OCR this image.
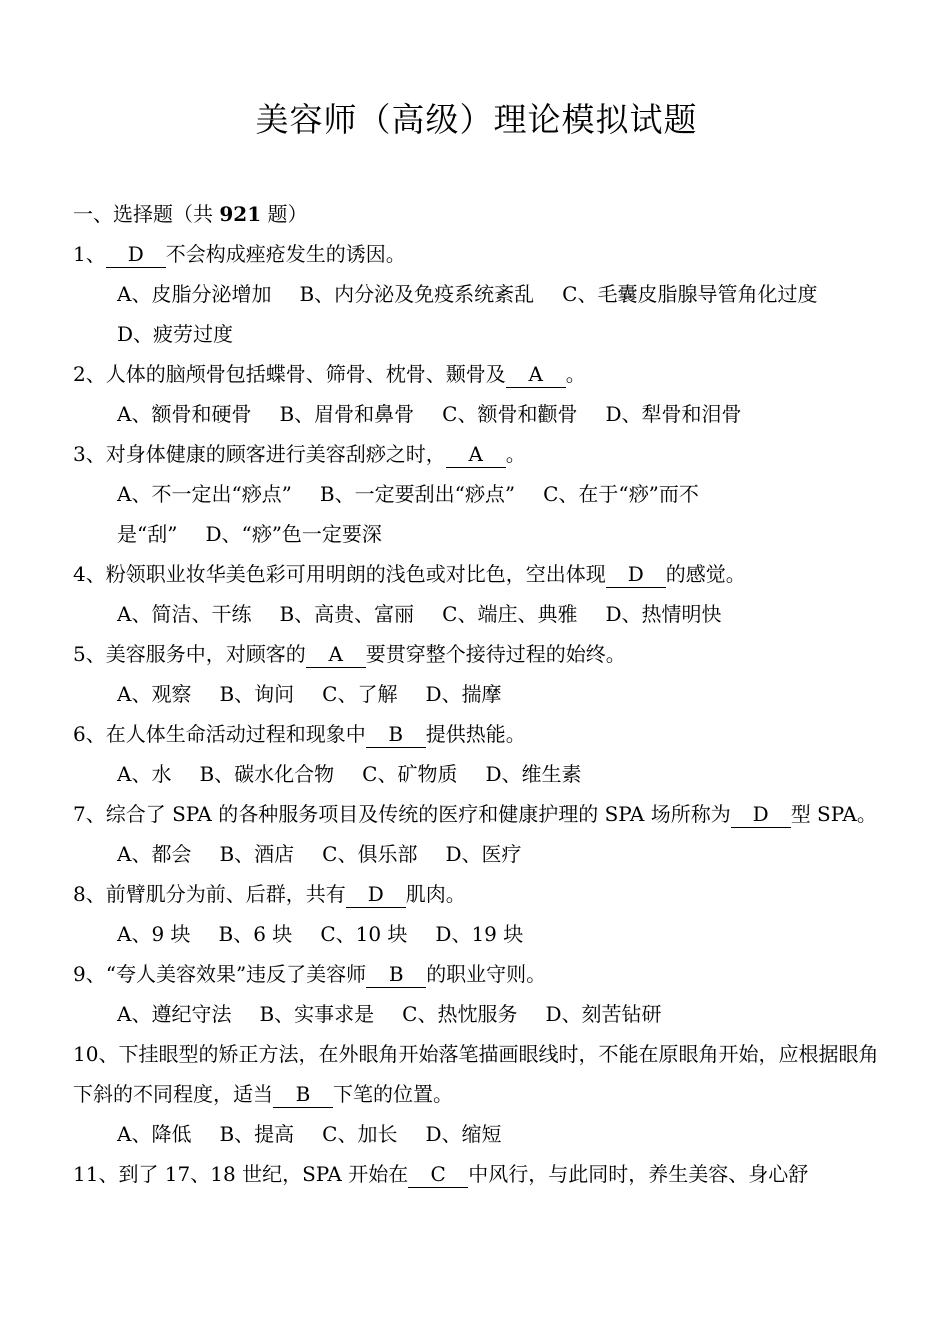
美容师（高级）理论模拟试题
一、选择题（共 921 题）
1、 D 不会构成痤疮发生的诱因。
A、皮脂分泌增加 B、内分泌及免疫系统紊乱 C、毛囊皮脂腺导管角化过度D、疲劳过度
2、人体的脑颅骨包括蝶骨、筛骨、枕骨、颞骨及 A 。
A、额骨和硬骨 B、眉骨和鼻骨 C、额骨和颧骨 D、犁骨和泪骨
3、对身体健康的顾客进行美容刮痧之时， A 。
A、不一定出“痧点” B、一定要刮出“痧点” C、在于“痧”而不是“刮” D、“痧”色一定要深
4、粉领职业妆华美色彩可用明朗的浅色或对比色，空出体现 D 的感觉。
A、简洁、干练 B、高贵、富丽 C、端庄、典雅 D、热情明快
5、美容服务中，对顾客的 A 要贯穿整个接待过程的始终。
A、观察 B、询问 C、了解 D、揣摩
6、在人体生命活动过程和现象中 B 提供热能。
A、水 B、碳水化合物 C、矿物质 D、维生素
7、综合了 SPA 的各种服务项目及传统的医疗和健康护理的 SPA 场所称为 D 型 SPA。
A、都会 B、酒店 C、俱乐部 D、医疗
8、前臂肌分为前、后群，共有 D 肌肉。
A、9 块 B、6 块 C、10 块 D、19 块
9、“夸人美容效果”违反了美容师 B 的职业守则。
A、遵纪守法 B、实事求是 C、热忱服务 D、刻苦钻研
10、下挂眼型的矫正方法，在外眼角开始落笔描画眼线时，不能在原眼角开始，应根据眼角下斜的不同程度，适当 B 下笔的位置。
A、降低 B、提高 C、加长 D、缩短
11、到了 17、18 世纪，SPA 开始在 C 中风行，与此同时，养生美容、身心舒
